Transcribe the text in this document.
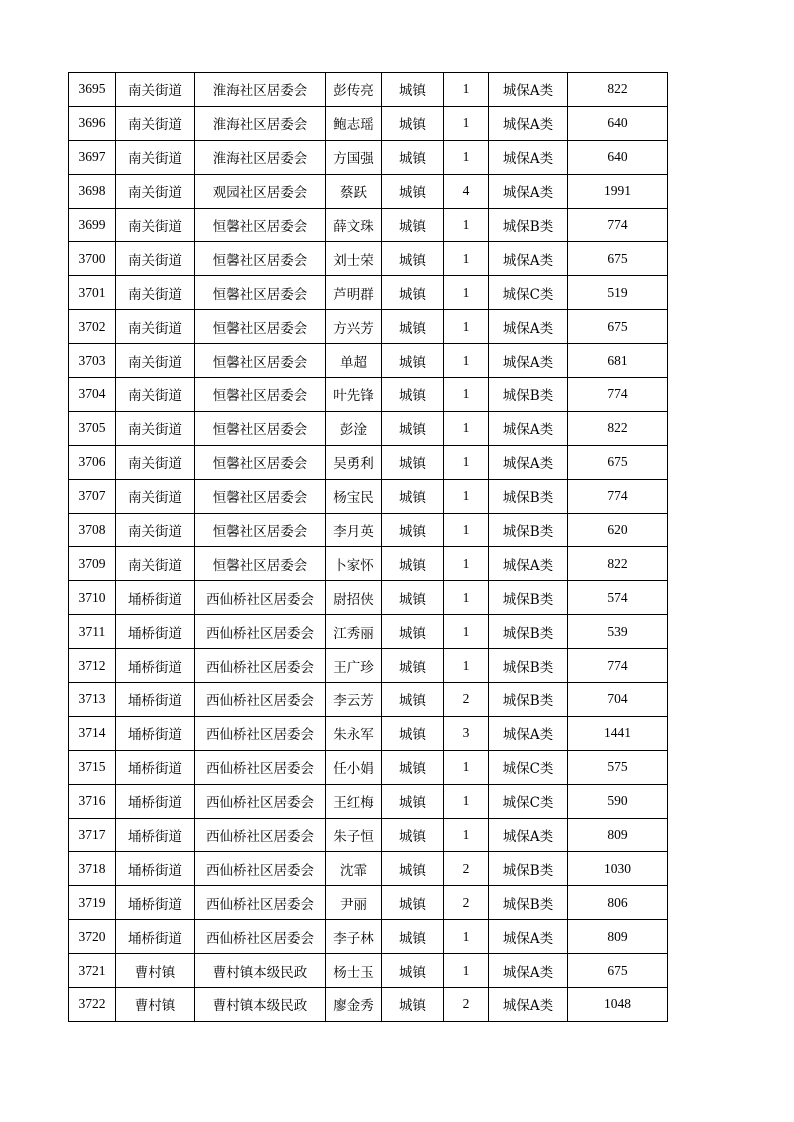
3695	南关街道	淮海社区居委会	彭传亮	城镇	1	城保A类	822
3696	南关街道	淮海社区居委会	鲍志瑶	城镇	1	城保A类	640
3697	南关街道	淮海社区居委会	方国强	城镇	1	城保A类	640
3698	南关街道	观园社区居委会	蔡跃	城镇	4	城保A类	1991
3699	南关街道	恒馨社区居委会	薛文珠	城镇	1	城保B类	774
3700	南关街道	恒馨社区居委会	刘士荣	城镇	1	城保A类	675
3701	南关街道	恒馨社区居委会	芦明群	城镇	1	城保C类	519
3702	南关街道	恒馨社区居委会	方兴芳	城镇	1	城保A类	675
3703	南关街道	恒馨社区居委会	单超	城镇	1	城保A类	681
3704	南关街道	恒馨社区居委会	叶先锋	城镇	1	城保B类	774
3705	南关街道	恒馨社区居委会	彭淦	城镇	1	城保A类	822
3706	南关街道	恒馨社区居委会	吴勇利	城镇	1	城保A类	675
3707	南关街道	恒馨社区居委会	杨宝民	城镇	1	城保B类	774
3708	南关街道	恒馨社区居委会	李月英	城镇	1	城保B类	620
3709	南关街道	恒馨社区居委会	卜家怀	城镇	1	城保A类	822
3710	埇桥街道	西仙桥社区居委会	尉招侠	城镇	1	城保B类	574
3711	埇桥街道	西仙桥社区居委会	江秀丽	城镇	1	城保B类	539
3712	埇桥街道	西仙桥社区居委会	王广珍	城镇	1	城保B类	774
3713	埇桥街道	西仙桥社区居委会	李云芳	城镇	2	城保B类	704
3714	埇桥街道	西仙桥社区居委会	朱永军	城镇	3	城保A类	1441
3715	埇桥街道	西仙桥社区居委会	任小娟	城镇	1	城保C类	575
3716	埇桥街道	西仙桥社区居委会	王红梅	城镇	1	城保C类	590
3717	埇桥街道	西仙桥社区居委会	朱子恒	城镇	1	城保A类	809
3718	埇桥街道	西仙桥社区居委会	沈霏	城镇	2	城保B类	1030
3719	埇桥街道	西仙桥社区居委会	尹丽	城镇	2	城保B类	806
3720	埇桥街道	西仙桥社区居委会	李子林	城镇	1	城保A类	809
3721	曹村镇	曹村镇本级民政	杨士玉	城镇	1	城保A类	675
3722	曹村镇	曹村镇本级民政	廖金秀	城镇	2	城保A类	1048
